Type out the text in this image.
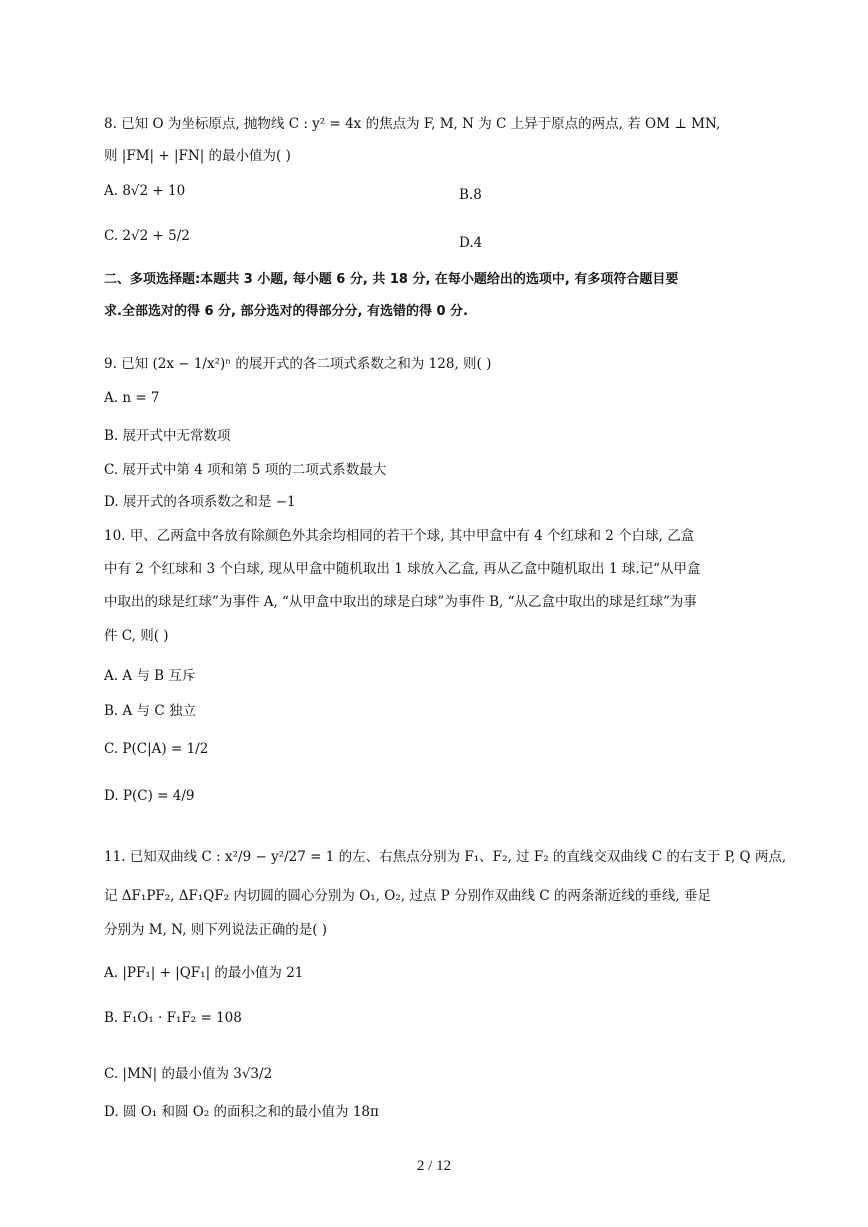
8. 已知 O 为坐标原点, 抛物线 C : y² = 4x 的焦点为 F, M, N 为 C 上异于原点的两点, 若 OM ⊥ MN,
则 |FM| + |FN| 的最小值为( )
A. 8√2 + 10	B.8
C. 2√2 + 5/2	D.4
二、多项选择题:本题共 3 小题, 每小题 6 分, 共 18 分, 在每小题给出的选项中, 有多项符合题目要
求.全部选对的得 6 分, 部分选对的得部分分, 有选错的得 0 分.
9. 已知 (2x − 1/x²)ⁿ 的展开式的各二项式系数之和为 128, 则( )
A. n = 7
B. 展开式中无常数项
C. 展开式中第 4 项和第 5 项的二项式系数最大
D. 展开式的各项系数之和是 −1
10. 甲、乙两盒中各放有除颜色外其余均相同的若干个球, 其中甲盒中有 4 个红球和 2 个白球, 乙盒
中有 2 个红球和 3 个白球, 现从甲盒中随机取出 1 球放入乙盒, 再从乙盒中随机取出 1 球.记“从甲盒
中取出的球是红球”为事件 A, “从甲盒中取出的球是白球”为事件 B, “从乙盒中取出的球是红球”为事
件 C, 则( )
A. A 与 B 互斥
B. A 与 C 独立
C. P(C|A) = 1/2
D. P(C) = 4/9
11. 已知双曲线 C : x²/9 − y²/27 = 1 的左、右焦点分别为 F₁、F₂, 过 F₂ 的直线交双曲线 C 的右支于 P, Q 两点,
记 ΔF₁PF₂, ΔF₁QF₂ 内切圆的圆心分别为 O₁, O₂, 过点 P 分别作双曲线 C 的两条渐近线的垂线, 垂足
分别为 M, N, 则下列说法正确的是( )
A. |PF₁| + |QF₁| 的最小值为 21
B. F₁O₁ · F₁F₂ = 108
C. |MN| 的最小值为 3√3/2
D. 圆 O₁ 和圆 O₂ 的面积之和的最小值为 18π
2 / 12
